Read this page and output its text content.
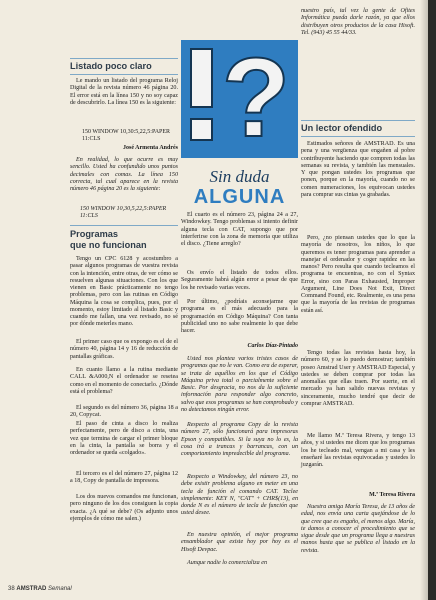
Listado poco claro

Le mando un listado del programa Reloj Digital de la revista número 46 página 20. El error está en la línea 150 y no soy capaz de descubrirlo. La línea 150 es la siguiente:

150 WINDOW 10,30:5,22,5:PAPER 11:CLS

José Armenta Andrés

En realidad, lo que ocurre es muy sencillo. Usted ha confundido unos puntos decimales con comas. La línea 150 correcta, tal cual aparece en la revista número 46 página 20 es la siguiente:

150 WINDOW 10,30,5,22,5:PAPER 11:CLS

Programas
que no funcionan

Tengo un CPC 6128 y acostumbro a pasar algunos programas de vuestra revista con la intención, entre otras, de ver cómo se resuelven algunas situaciones. Con los que vienen en Basic prácticamente no tengo problemas, pero con las rutinas en Código Máquina la cosa se complica, pues, por el momento, estoy limitado al listado Basic y cuando me fallan, una vez revisado, no sé por dónde meterles mano.

El primer caso que os expongo es el de el número 40, página 14 y 16 de reducción de pantallas gráficas.

En cuanto llamo a la rutina mediante CALL &A000,N el ordenador se resetea como en el momento de conectarlo. ¿Dónde está el problema?

El segundo es del número 36, página 18 a 20, Copycat.

El paso de cinta a disco lo realiza perfectamente, pero de disco a cinta, una vez que termina de cargar el primer bloque en la cinta, la pantalla se borra y el ordenador se queda «colgado».

El tercero es el del número 27, página 12 a 18, Copy de pantalla de impresora.

Los dos nuevos comandos me funcionan, pero ninguno de los dos consiguen la copia exacta. ¿A qué se debe? (Os adjunto unos ejemplos de cómo me salen.)

?
Sin duda
ALGUNA

El cuarto es el número 23, página 24 a 27, Windowkey. Tengo problemas si intento definir alguna tecla con CAT, supongo que por interferirse con la zona de memoria que utiliza el disco. ¿Tiene arreglo?

Os envío el listado de todos ellos. Seguramente habrá algún error a pesar de que los he revisado varias veces.

Por último, ¿podríais aconsejarme que programa es el más adecuado para la programación en Código Máquina? Con tanta publicidad uno no sabe realmente lo que debe hacer.

Carlos Díaz-Pintado

Usted nos plantea varios tristes casos de programas que no le van. Como era de esperar, se trata de aquéllos en los que el Código Máquina priva total o parcialmente sobre el Basic. Por desgracia, no nos da la suficiente información para responder algo concreto, salvo que esos programas se han comprobado y no detectamos ningún error.

Respecto al programa Copy de la revista número 27, sólo funcionará para impresoras Epson y compatibles. Si la suya no lo es, la cosa irá a trancas y barrancas, con un comportamiento impredecible del programa.

Respecto a Windowkey, del número 23, no debe existir problema alguno en meter en una tecla de función el comando CAT. Teclee simplemente: KEY N, "CAT" + CHR$(13), en donde N es el número de tecla de función que usted desee.

En nuestra opinión, el mejor programa ensamblador que existe hoy por hoy es el Hisoft Devpac.

Aunque nadie lo comercializa en

nuestro país, tal vez la gente de Ofites Informática pueda darle razón, ya que ellos distribuyen otros productos de la casa Hisoft. Tel. (943) 45 55 44/33.

Un lector ofendido

Estimados señores de AMSTRAD. Es una pena y una vergüenza que engañen al pobre contribuyente haciendo que compren todas las semanas su revista, y también las mensuales. Y que pongan ustedes los programas que ponen, porque en la mayoría, cuando no se comen numeraciones, los equivocan ustedes para comprar sus cintas ya grabadas.

Pero, ¿no piensan ustedes que lo que la mayoría de nosotros, los niños, lo que queremos es tener programas para aprender a manejar el ordenador y coger rapidez en las manos? Pero resulta que cuando tecleamos el programa te encuentras, no con el Syntax Error, sino con Paras Exhausted, Improper Argument, Line Does Not Exit, Direct Command Found, etc. Realmente, es una pena que la mayoría de las revistas de programas están así.

Tengo todas las revistas hasta hoy, la número 60, y se lo puedo demostrar; también poseo Amstrad User y AMSTRAD Especial, y ustedes se deben comprar por todas las anomalías que ellas traen. Por suerte, en el mercado ya han salido nuevas revistas y sinceramente, mucho tendré que decir de comprar AMSTRAD.

Me llamo M.ª Teresa Rivera, y tengo 13 años, y si ustedes me dicen que los programas los he tecleado mal, vengan a mi casa y les enseñaré las revistas equivocadas y ustedes lo juzgarán.

M.ª Teresa Rivera

Nuestra amiga María Teresa, de 13 años de edad, nos envía una carta quejándose de lo que cree que es engaño, el menos algo. María, te damos a conocer el procedimiento que se sigue desde que un programa llega a nuestras manos hasta que se publica el listado en la revista.

38 AMSTRAD Semanal
